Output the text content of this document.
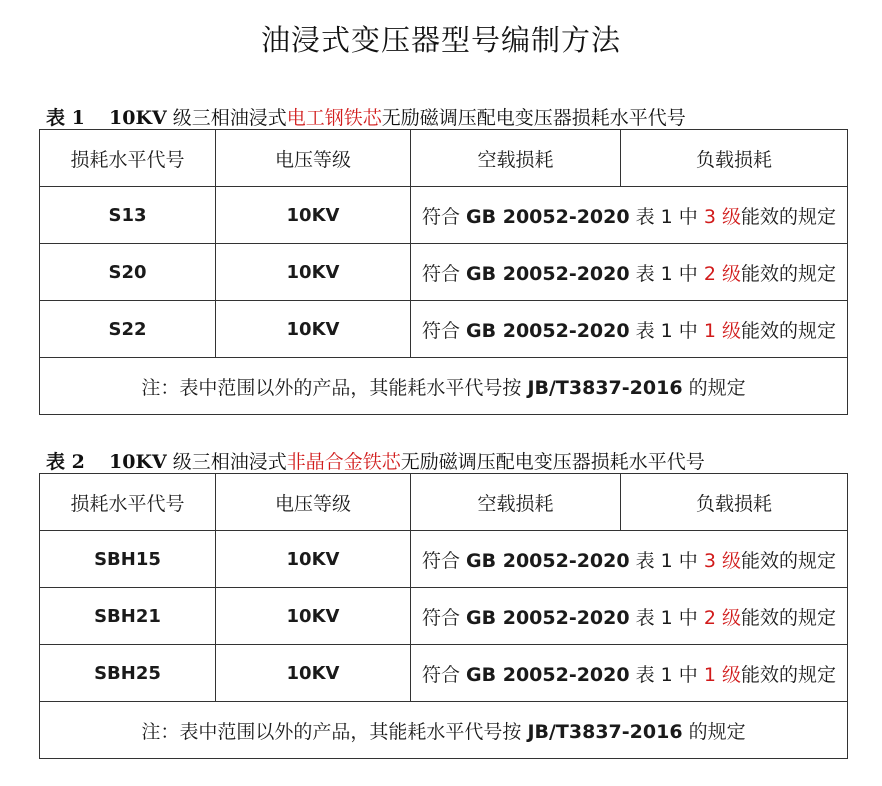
油浸式变压器型号编制方法
表 1 10KV 级三相油浸式电工钢铁芯无励磁调压配电变压器损耗水平代号
损耗水平代号	电压等级	空载损耗	负载损耗
S13	10KV	符合 GB 20052-2020 表 1 中 3 级能效的规定	
S20	10KV	符合 GB 20052-2020 表 1 中 2 级能效的规定	
S22	10KV	符合 GB 20052-2020 表 1 中 1 级能效的规定	
注：表中范围以外的产品，其能耗水平代号按 JB/T3837-2016 的规定			
表 2 10KV 级三相油浸式非晶合金铁芯无励磁调压配电变压器损耗水平代号
损耗水平代号	电压等级	空载损耗	负载损耗
SBH15	10KV	符合 GB 20052-2020 表 1 中 3 级能效的规定	
SBH21	10KV	符合 GB 20052-2020 表 1 中 2 级能效的规定	
SBH25	10KV	符合 GB 20052-2020 表 1 中 1 级能效的规定	
注：表中范围以外的产品，其能耗水平代号按 JB/T3837-2016 的规定			
